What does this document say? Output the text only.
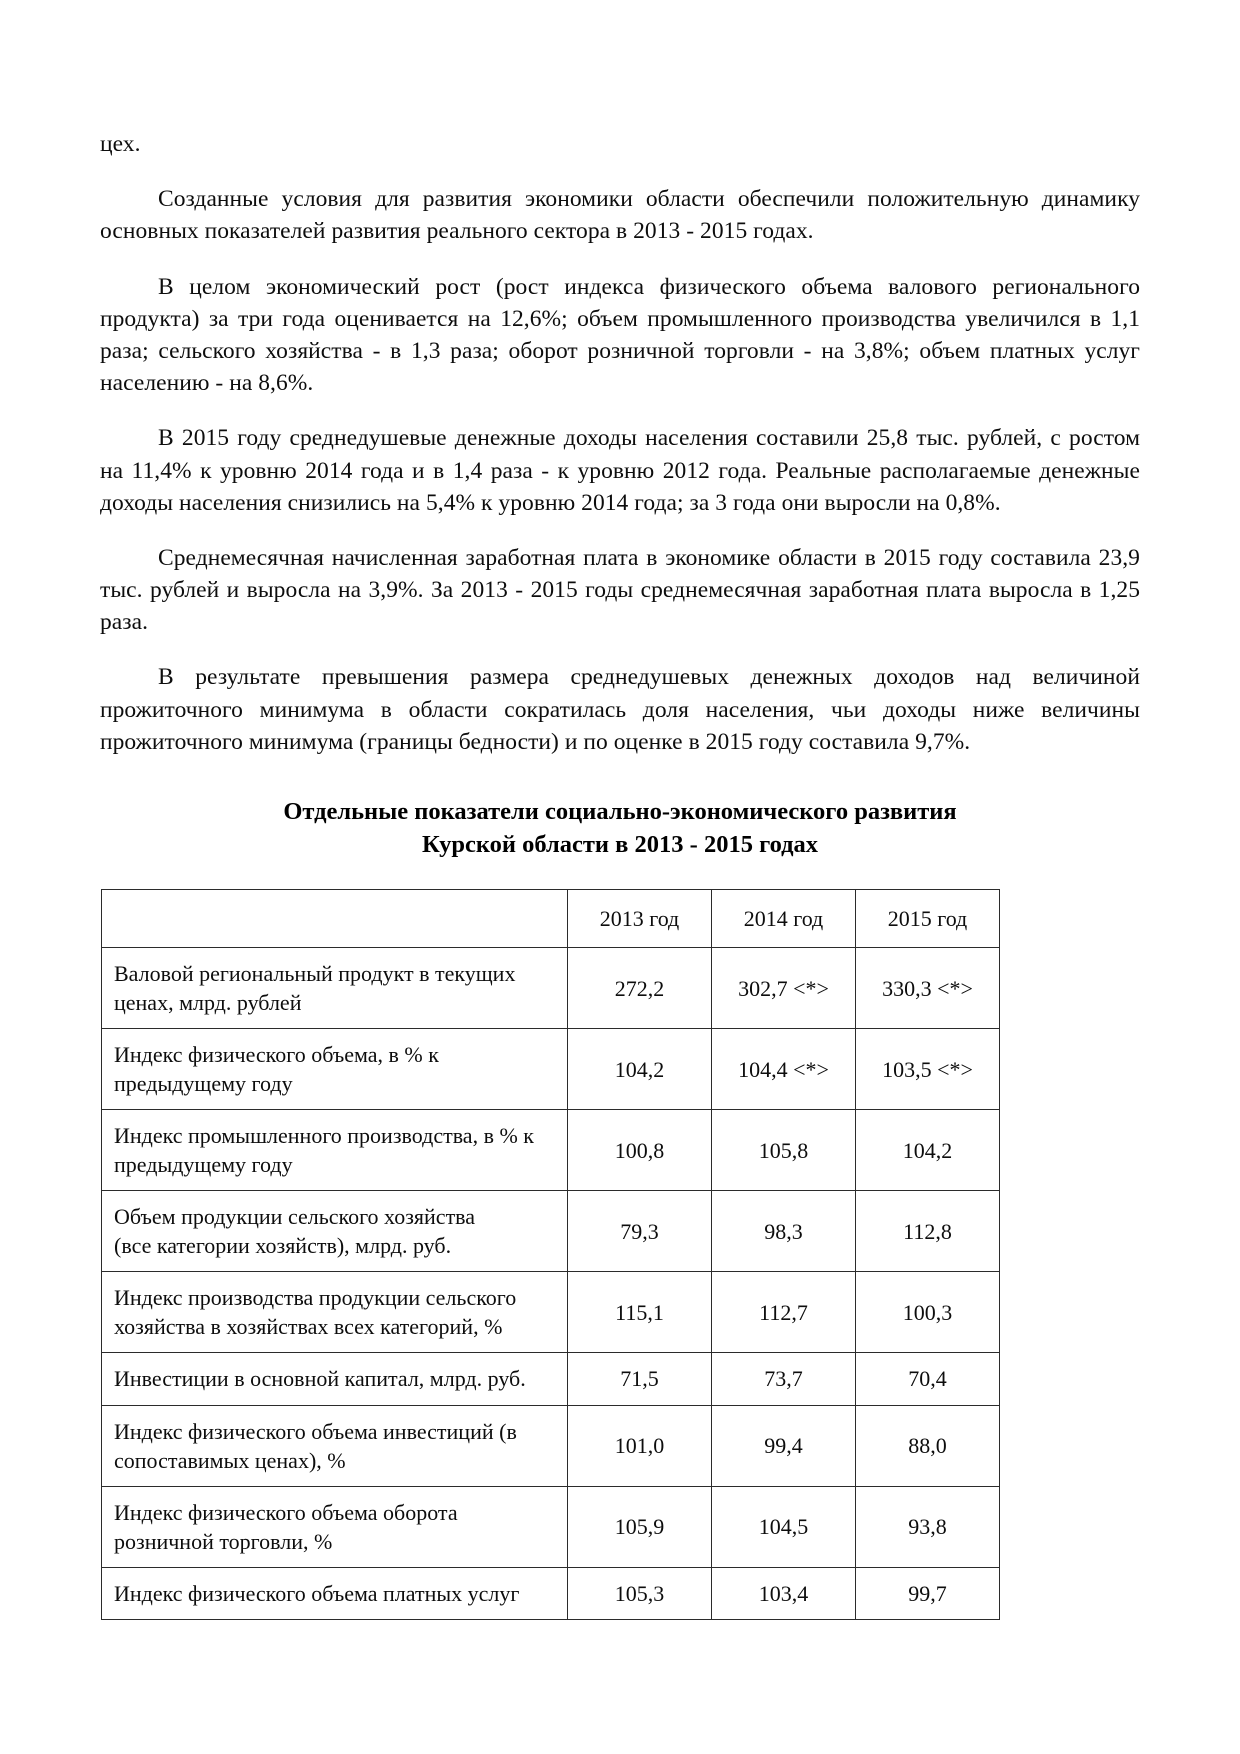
цех.

Созданные условия для развития экономики области обеспечили положительную динамику основных показателей развития реального сектора в 2013 - 2015 годах.

В целом экономический рост (рост индекса физического объема валового регионального продукта) за три года оценивается на 12,6%; объем промышленного производства увеличился в 1,1 раза; сельского хозяйства - в 1,3 раза; оборот розничной торговли - на 3,8%; объем платных услуг населению - на 8,6%.

В 2015 году среднедушевые денежные доходы населения составили 25,8 тыс. рублей, с ростом на 11,4% к уровню 2014 года и в 1,4 раза - к уровню 2012 года. Реальные располагаемые денежные доходы населения снизились на 5,4% к уровню 2014 года; за 3 года они выросли на 0,8%.

Среднемесячная начисленная заработная плата в экономике области в 2015 году составила 23,9 тыс. рублей и выросла на 3,9%. За 2013 - 2015 годы среднемесячная заработная плата выросла в 1,25 раза.

В результате превышения размера среднедушевых денежных доходов над величиной прожиточного минимума в области сократилась доля населения, чьи доходы ниже величины прожиточного минимума (границы бедности) и по оценке в 2015 году составила 9,7%.

Отдельные показатели социально-экономического развития
Курской области в 2013 - 2015 годах
	2013 год	2014 год	2015 год

Валовой региональный продукт в текущих
ценах, млрд. рублей	272,2	302,7 <*>	330,3 <*>

Индекс физического объема, в % к
предыдущему году	104,2	104,4 <*>	103,5 <*>

Индекс промышленного производства, в % к
предыдущему году	100,8	105,8	104,2

Объем продукции сельского хозяйства
(все категории хозяйств), млрд. руб.	79,3	98,3	112,8

Индекс производства продукции сельского
хозяйства в хозяйствах всех категорий, %	115,1	112,7	100,3

Инвестиции в основной капитал, млрд. руб.	71,5	73,7	70,4

Индекс физического объема инвестиций (в
сопоставимых ценах), %	101,0	99,4	88,0

Индекс физического объема оборота
розничной торговли, %	105,9	104,5	93,8

Индекс физического объема платных услуг	105,3	103,4	99,7
